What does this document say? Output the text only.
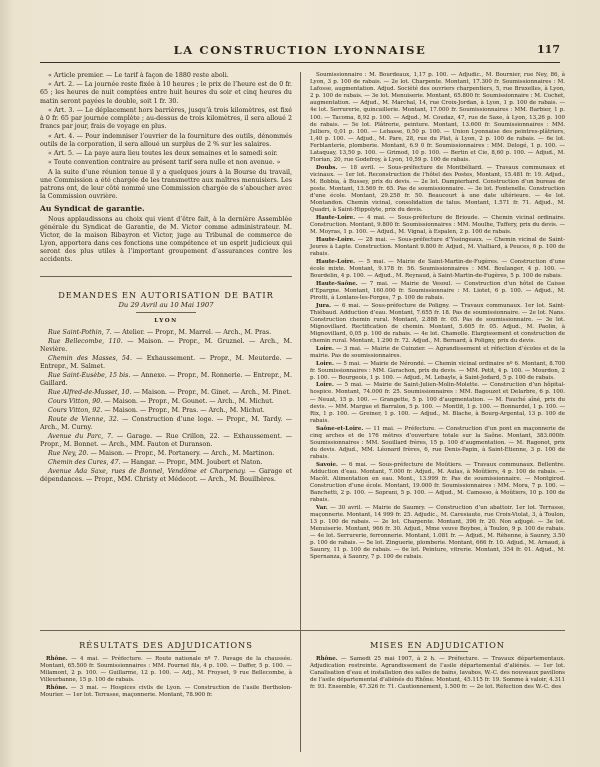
LA CONSTRUCTION LYONNAISE	117

« Article premier. — Le tarif à façon de 1880 reste aboli.

« Art. 2. — La journée reste fixée à 10 heures ; le prix de l’heure est de 0 fr. 65 ; les heures de nuit comptées entre huit heures du soir et cinq heures du matin seront payées le double, soit 1 fr. 30.

« Art. 3. — Le déplacement hors barrières, jusqu’à trois kilomètres, est fixé à 0 fr. 65 par journée complète ; au-dessus de trois kilomètres, il sera alloué 2 francs par jour, frais de voyage en plus.

« Art. 4. — Pour indemniser l’ouvrier de la fourniture des outils, dénommés outils de la corporation, il sera alloué un surplus de 2 % sur les salaires.

« Art. 5. — La paye aura lieu toutes les deux semaines et le samedi soir.

« Toute convention contraire au présent tarif sera nulle et non avenue. »

A la suite d’une réunion tenue il y a quelques jours à la Bourse du travail, une Commission a été chargée de les transmettre aux maîtres menuisiers. Les patrons ont, de leur côté nommé une Commission chargée de s’aboucher avec la Commission ouvrière.

Au Syndicat de garantie.

Nous applaudissons au choix qui vient d’être fait, à la dernière Assemblée générale du Syndicat de Garantie, de M. Victor comme administrateur. M. Victor, de la maison Ribayron et Victor, juge au Tribunal de commerce de Lyon, apportera dans ces fonctions une compétence et un esprit judicieux qui seront des plus utiles à l’important groupement d’assurances contre les accidents.

DEMANDES EN AUTORISATION DE BATIR
Du 29 Avril au 10 Mai 1907
LYON

Rue Saint-Pothin, 7. — Atelier. — Propr., M. Marrel. — Arch., M. Pras.

Rue Bellecombe, 110. — Maison. — Propr., M. Gruznel. — Arch., M. Nevière.

Chemin des Masses, 54. — Exhaussement. — Propr., M. Meuterde. — Entrepr., M. Salmet.

Rue Saint-Eusèbe, 15 bis. — Annexe. — Propr., M. Ronnerie. — Entrepr., M. Gaillard.

Rue Alfred-de-Musset, 10. — Maison. — Propr., M. Ginet. — Arch., M. Pinet.

Cours Vitton, 90. — Maison. — Propr., M. Gounet. — Arch., M. Michut.

Cours Vitton, 92. — Maison. — Propr., M. Pras. — Arch., M. Michut.

Route de Vienne, 32. — Construction d’une loge. — Propr., M. Tardy. — Arch., M. Curny.

Avenue du Parc, 7. — Garage. — Rue Crillon, 22. — Exhaussement. — Propr., M. Bonnet. — Arch., MM. Fauton et Duranson.

Rue Ney, 20. — Maison. — Propr., M. Portanery. — Arch., M. Martinon.

Chemin des Cures, 47. — Hangar. — Propr., MM. Joubert et Naton.

Avenue Ada Saxe, rues de Bonnel, Vendôme et Charpenay. — Garage et dépendances. — Propr., MM. Christy et Médecot. — Arch., M. Bouilhères.

Soumissionnaire : M. Bourdeaux, 1,17 p. 100. — Adjudic., M. Bournier, rue Ney, 86, à Lyon, 3 p. 100 de rabais. — 2e lot. Charpente. Montant, 17.300 fr. Soumissionnaires : M. Lafosse, augmentation. Adjud. Société des ouvriers charpentiers, 5, rue Bruxelles, à Lyon, 2 p. 100 de rabais. — 3e lot. Menuiserie. Montant, 65.800 fr. Soumissionnaire : M. Cochet, augmentation. — Adjud., M. Marchal, 14, rue Croix-Jordan, à Lyon, 1 p. 100 de rabais. — 4e lot. Serrurerie, quincaillerie. Montant, 17.000 fr. Soumissionnaires : MM. Barbier, 1 p. 100. — Tacoma, 8,92 p. 100. — Adjud., M. Coudaz, 47, rue de Saxe, à Lyon, 13,26 p. 100 de rabais. — 5e lot. Plâtrerie, peinture. Montant, 13.600 fr. Soumissionnaires : MM. Julliers, 0,01 p. 100. — Lehasse, 0,50 p. 100. — Union Lyonnaise des peintres-plâtriers, 1,40 p. 100. — Adjud., M. Pare, 28, rue du Plat, à Lyon, 2 p. 100 de rabais. — 6e lot. Ferblanterie, plomberie. Montant, 6.9 0 fr. Soumissionnaires : MM. Delogé, 1 p. 100. — Lataquay, 13,50 p. 100. — Grimod, 10 p. 100. — Bertin et Cie, 8,60 p. 100. — Adjud., M. Florian, 20, rue Godefroy, à Lyon, 10,59 p. 100 de rabais.

Doubs. — 18 avril. — Sous-préfecture de Montbéliard. — Travaux communaux et vicinaux. — 1er lot. Reconstruction de l’hôtel des Postes, Montant, 15.481 fr. 19. Adjud., M. Bobbia, à Bussey, prix du devis. — 2e lot. Dampierhard. Construction d’un bureau de poste. Montant, 13.569 fr. 65. Pas de soumissionnaire. — 3e lot. Fontenelle. Construction d’une école. Montant, 29.258 fr. 50. Beaucourt à une date ultérieure. — 4e lot. Montandon. Chemin vicinal, consolidation de talus. Montant, 1.571 fr. 71. Adjud., M. Quadri, à Saint-Hippolyte, prix du devis.

Haute-Loire. — 4 mai. — Sous-préfecture de Brioude. — Chemin vicinal ordinaire. Construction. Montant, 9.800 fr. Soumissionnaires : MM. Moulhe, Tuffery, prix du devis. — M. Moyras, 1 p. 100. — Adjud., M. Vignal, à Espalen, 2 p. 100 de rabais.

Haute-Loire. — 28 mai. — Sous-préfecture d’Yssingeaux. — Chemin vicinal de Saint-Jeures à Lapte. Construction. Montant 9.800 fr. Adjud., M. Vialliard, à Peuces, 6 p. 100 de rabais.

Haute-Loire. — 5 mai. — Mairie de Saint-Martin-de-Fugères. — Construction d’une école mixte. Montant, 9.178 fr. 56. Soumissionnaires : MM. Boulanger, 4 p. 100. — Bourdelin, 4 p. 100. — Adjud., M. Reynaud, à Saint-Martin-de-Fugères, 5 p. 100 de rabais.

Haute-Saône. — 7 mai. — Mairie de Vesoul. — Construction d’un hôtel de Caisse d’Epargne. Montant, 160.000 fr. Soumissionnaire : M. Liotet, 6 p. 100. — Adjud., M. Pirotti, à Lonlans-les-Forges, 7 p. 100 de rabais.

Jura. — 6 mai. — Sous-préfecture de Poligny. — Travaux communaux. 1er lot. Saint-Thiébaud. Adduction d’eau. Montant, 7.655 fr. 18. Pas de soumissionnaire. — 2e lot. Nans. Construction chemin rural. Montant, 2.888 fr. 05. Pas de soumissionnaire. — 3e lot. Mignovillard. Rectification de chemin. Montant, 5.605 fr. 05. Adjud., M. Paolin, à Mignovillard, 0,05 p. 100 de rabais. — 4e lot. Chamolle. Elargissement et construction de chemin rural. Montant, 1.290 fr. 72. Adjud., M. Bernard, à Poligny, prix du devis.

Loire. — 3 mai. — Mairie de Cuinzier. — Agrandissement et réfection d’écoles et de la mairie. Pas de soumissionnaires.

Loire. — 5 mai. — Mairie de Nérondé. — Chemin vicinal ordinaire nº 6. Montant, 8.700 fr. Soumissionnaires : MM. Garachon, prix du devis. — MM. Petit, 4 p. 100. — Mourdon, 2 p. 100. — Bourgeois, 1 p. 100. — Adjud., M. Lebayle, à Saint-Jodard, 5 p. 100 de rabais.

Loire. — 5 mai. — Mairie de Saint-Julien-Molin-Molette. — Construction d’un hôpital-hospice. Montant, 74.000 fr. 25. Soumissionnaires : MM. Bagouzet et Delarbre, 6 p. 100. — Neuat, 15 p. 100. — Grangette, 5 p. 100 d’augmentation. — M. Fauché aîné, prix du devis. — MM. Margue et Barralon, 5 p. 100. — Montlit, 1 p. 100. — Bonnardel, 1 p. 100. — Rix, 1 p. 100. — Greiner, 1 p. 100. — Adjud., M. Blache, à Bourg-Argental, 13 p. 100 de rabais.

Saône-et-Loire. — 11 mai. — Préfecture. — Construction d’un pont en maçonnerie de cinq arches et de 176 mètres d’ouverture totale sur la Saône. Montant, 383.000fr. Soumissionnaires : MM. Souillard frères, 15 p. 100 d’augmentation. — M. Ragonot, prix du devis. Adjud., MM. Léonard frères, 6, rue Denis-Papin, à Saint-Etienne, 3 p. 100 de rabais.

Savoie. — 6 mai. — Sous-préfecture de Moûtiers. — Travaux communaux. Bellentre. Adduction d’eau. Montant, 7.000 fr. Adjud., M. Aulas, à Moûtiers, 4 p. 100 de rabais. — Macôt. Alimentation en eau. Mont., 13.999 fr. Pas de soumissionnaire. — Montgirod. Construction d’une école. Montant, 19.000 fr. Soumissionnaires : MM. Mora, 7 p. 100. — Banchetti, 2 p. 100. — Soprani, 5 p. 100. — Adjud., M. Camosso, à Moûtiers, 10 p. 100 de rabais.

Var. — 30 avril. — Mairie de Saumry. — Construction d’un abattoir. 1er lot. Terrasse, maçonnerie. Montant, 14 999 fr. 25. Adjudic., M. Caresiaute, rue Croix-Violat, 3, à Toulon, 13 p. 100 de rabais. — 2e lot. Charpente. Montant, 396 fr. 20. Non adjugé. — 3e lot. Menuiserie. Montant, 966 fr. 30. Adjud., Mme veuve Boyboe, à Toulon, 9 p. 100 de rabais. — 4e lot. Serrurerie, ferronnerie. Montant, 1.081 fr. — Adjud., M. Réhenne, à Saunry, 3.50 p. 100 de rabais. — 5e lot. Zinguerie, plomberie. Montant, 666 fr. 10. Adjud., M. Arnaud, à Saunry, 11 p. 100 de rabais. — 6e lot. Peinture, vitrerie. Montant, 354 fr. 01. Adjud., M. Spernanza, à Saunry, 7 p. 100 de rabais.

RÉSULTATS DES ADJUDICATIONS

Rhône. — 4 mai. — Préfecture. — Route nationale nº 7. Pavage de la chaussée. Montant, 65.500 fr. Soumissionnaires : MM. Fournel fils, 4 p. 100. — Daffer, 5 p. 100. — Milamont, 2 p. 100. — Guillarme, 12 p. 100. — Adj., M. Froyset, 9 rue Bellecombe, à Villeurbanne, 15 p. 100 de rabais.

Rhône. — 3 mai. — Hospices civils de Lyon. — Construction de l’asile Bertholon-Mourier. — 1er lot. Terrasse, maçonnerie. Montant, 78.900 fr.

MISES EN ADJUDICATION

Rhône. — Samedi 25 mai 1907, à 2 h. — Préfecture. — Travaux départementaux. Adjudication restreinte. Agrandissement de l’asile départemental d’aliénés. — 1er lot. Canalisation d’eau et installation des salles de bains, lavabos, W.-C. des nouveaux pavillons de l’asile départemental d’aliénés du Rhône. Montant, 45.115 fr. 19. Somme à valoir, 4.311 fr. 93. Ensemble, 47.326 fr. 71. Cautionnement, 1.500 fr. — 2e lot. Réfection des W.-C. des
